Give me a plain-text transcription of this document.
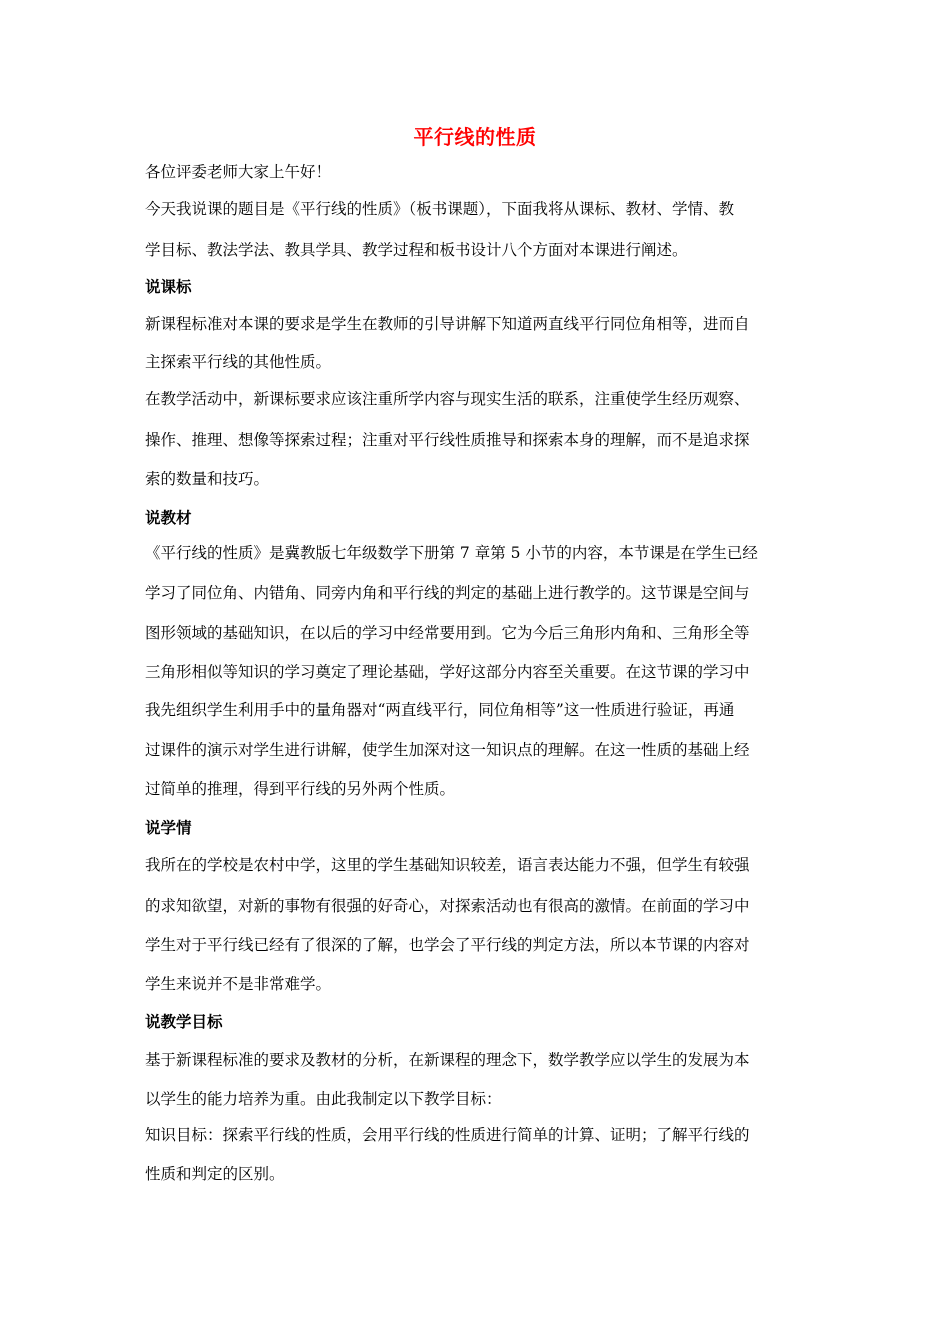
平行线的性质
各位评委老师大家上午好！
今天我说课的题目是《平行线的性质》（板书课题），下面我将从课标、教材、学情、教
学目标、教法学法、教具学具、教学过程和板书设计八个方面对本课进行阐述。
说课标
新课程标准对本课的要求是学生在教师的引导讲解下知道两直线平行同位角相等，进而自
主探索平行线的其他性质。
在教学活动中，新课标要求应该注重所学内容与现实生活的联系，注重使学生经历观察、
操作、推理、想像等探索过程；注重对平行线性质推导和探索本身的理解，而不是追求探
索的数量和技巧。
说教材
《平行线的性质》是冀教版七年级数学下册第 7 章第 5 小节的内容，本节课是在学生已经
学习了同位角、内错角、同旁内角和平行线的判定的基础上进行教学的。这节课是空间与
图形领域的基础知识，在以后的学习中经常要用到。它为今后三角形内角和、三角形全等
三角形相似等知识的学习奠定了理论基础，学好这部分内容至关重要。在这节课的学习中
我先组织学生利用手中的量角器对“两直线平行，同位角相等”这一性质进行验证，再通
过课件的演示对学生进行讲解，使学生加深对这一知识点的理解。在这一性质的基础上经
过简单的推理，得到平行线的另外两个性质。
说学情
我所在的学校是农村中学，这里的学生基础知识较差，语言表达能力不强，但学生有较强
的求知欲望，对新的事物有很强的好奇心，对探索活动也有很高的激情。在前面的学习中
学生对于平行线已经有了很深的了解，也学会了平行线的判定方法，所以本节课的内容对
学生来说并不是非常难学。
说教学目标
基于新课程标准的要求及教材的分析，在新课程的理念下，数学教学应以学生的发展为本
以学生的能力培养为重。由此我制定以下教学目标：
知识目标：探索平行线的性质，会用平行线的性质进行简单的计算、证明；了解平行线的
性质和判定的区别。
